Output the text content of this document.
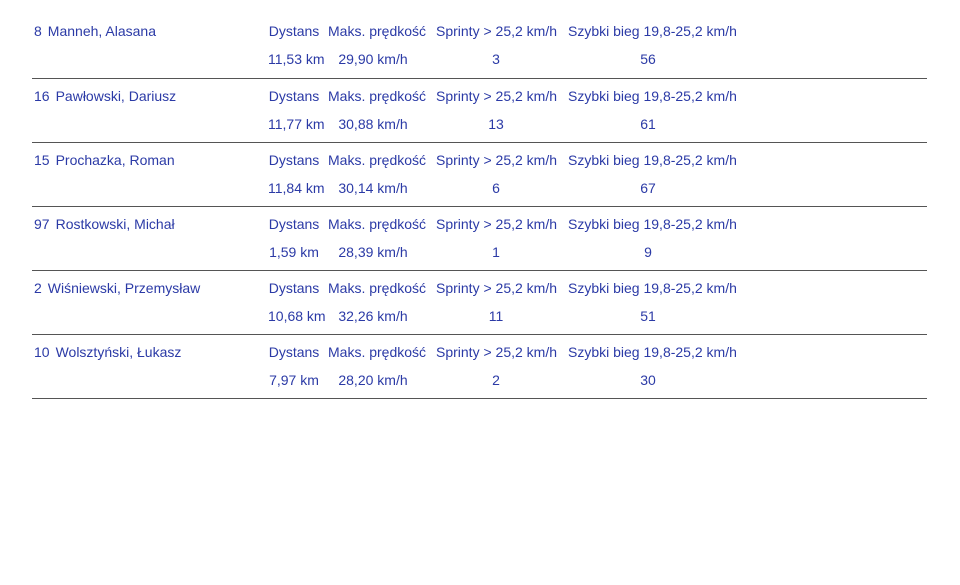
8 Manneh, Alasana	Dystans Maks. prędkość Sprinty > 25,2 km/h Szybki bieg 19,8-25,2 km/h
11,53 km 29,90 km/h	3	56
16 Pawłowski, Dariusz	Dystans Maks. prędkość Sprinty > 25,2 km/h Szybki bieg 19,8-25,2 km/h
11,77 km 30,88 km/h	13	61
15 Prochazka, Roman	Dystans Maks. prędkość Sprinty > 25,2 km/h Szybki bieg 19,8-25,2 km/h
11,84 km 30,14 km/h	6	67
97 Rostkowski, Michał	Dystans Maks. prędkość Sprinty > 25,2 km/h Szybki bieg 19,8-25,2 km/h
1,59 km	28,39 km/h	1	9
2 Wiśniewski, Przemysław	Dystans Maks. prędkość Sprinty > 25,2 km/h Szybki bieg 19,8-25,2 km/h
10,68 km 32,26 km/h	11	51
10 Wolsztyński, Łukasz	Dystans Maks. prędkość Sprinty > 25,2 km/h Szybki bieg 19,8-25,2 km/h
7,97 km	28,20 km/h	2	30
